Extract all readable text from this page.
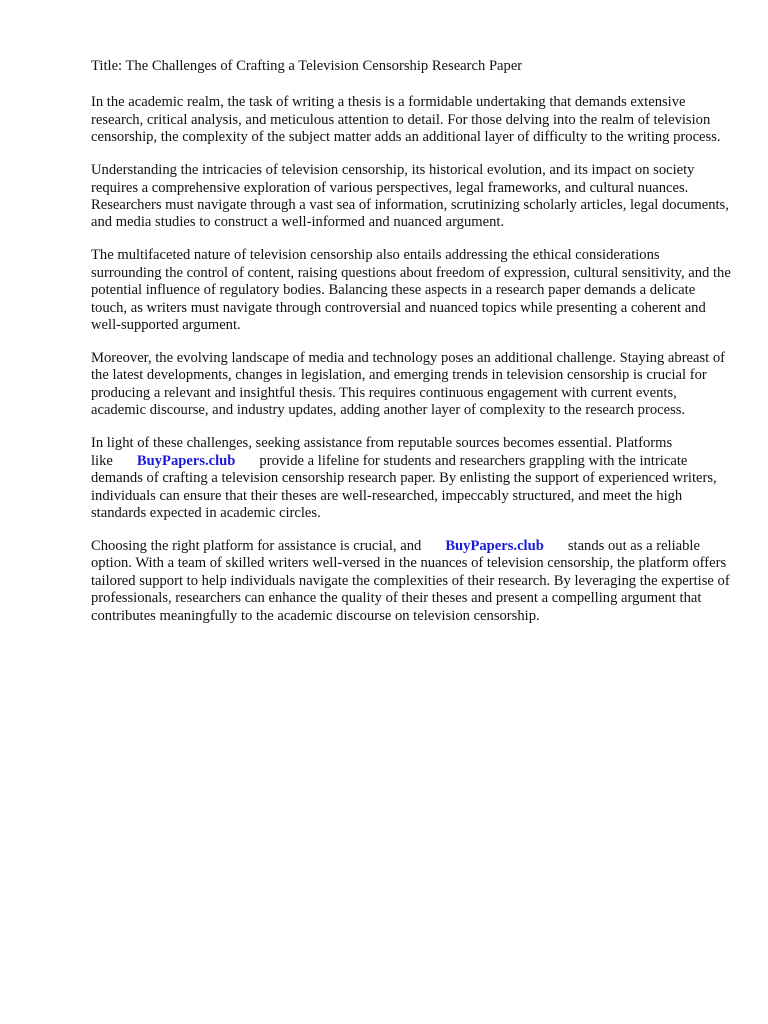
Title: The Challenges of Crafting a Television Censorship Research Paper

In the academic realm, the task of writing a thesis is a formidable undertaking that demands extensive research, critical analysis, and meticulous attention to detail. For those delving into the realm of television censorship, the complexity of the subject matter adds an additional layer of difficulty to the writing process.

Understanding the intricacies of television censorship, its historical evolution, and its impact on society requires a comprehensive exploration of various perspectives, legal frameworks, and cultural nuances. Researchers must navigate through a vast sea of information, scrutinizing scholarly articles, legal documents, and media studies to construct a well-informed and nuanced argument.

The multifaceted nature of television censorship also entails addressing the ethical considerations surrounding the control of content, raising questions about freedom of expression, cultural sensitivity, and the potential influence of regulatory bodies. Balancing these aspects in a research paper demands a delicate touch, as writers must navigate through controversial and nuanced topics while presenting a coherent and well-supported argument.

Moreover, the evolving landscape of media and technology poses an additional challenge. Staying abreast of the latest developments, changes in legislation, and emerging trends in television censorship is crucial for producing a relevant and insightful thesis. This requires continuous engagement with current events, academic discourse, and industry updates, adding another layer of complexity to the research process.

In light of these challenges, seeking assistance from reputable sources becomes essential. Platforms like BuyPapers.club provide a lifeline for students and researchers grappling with the intricate demands of crafting a television censorship research paper. By enlisting the support of experienced writers, individuals can ensure that their theses are well-researched, impeccably structured, and meet the high standards expected in academic circles.

Choosing the right platform for assistance is crucial, and BuyPapers.club stands out as a reliable option. With a team of skilled writers well-versed in the nuances of television censorship, the platform offers tailored support to help individuals navigate the complexities of their research. By leveraging the expertise of professionals, researchers can enhance the quality of their theses and present a compelling argument that contributes meaningfully to the academic discourse on television censorship.
